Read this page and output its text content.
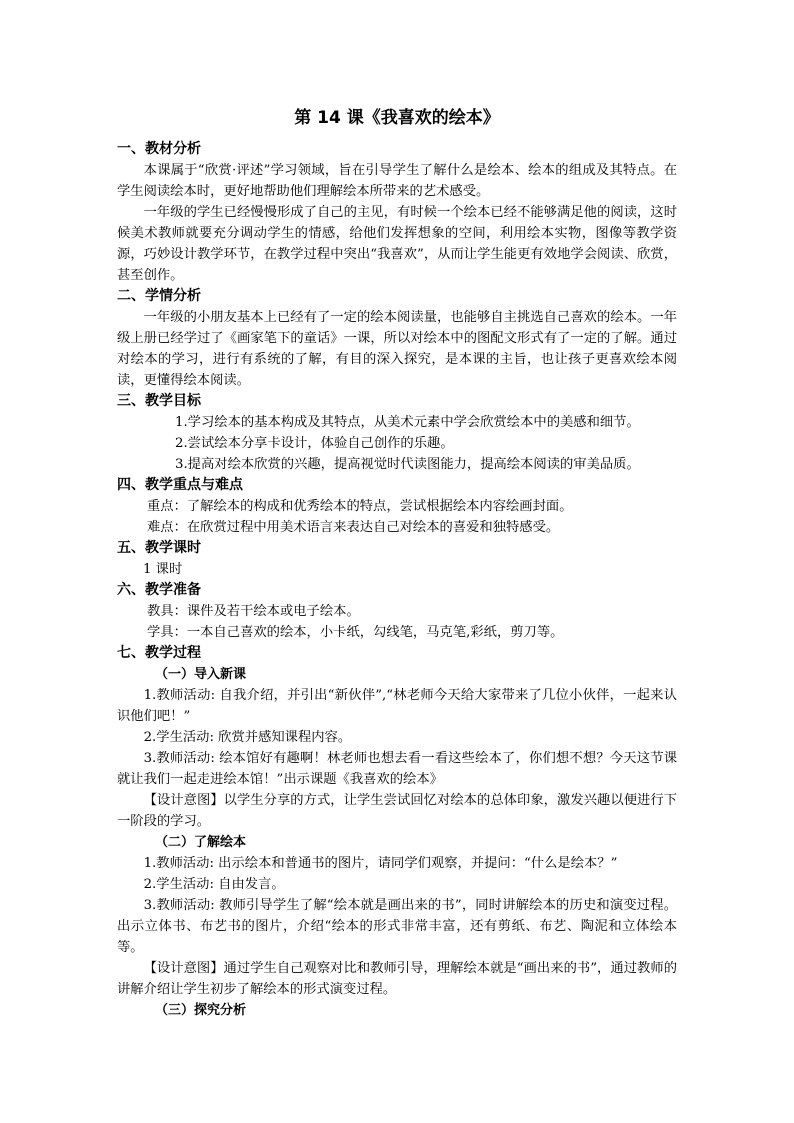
第 14 课《我喜欢的绘本》
一、教材分析
本课属于“欣赏·评述”学习领域，旨在引导学生了解什么是绘本、绘本的组成及其特点。在学生阅读绘本时，更好地帮助他们理解绘本所带来的艺术感受。
一年级的学生已经慢慢形成了自己的主见，有时候一个绘本已经不能够满足他的阅读，这时候美术教师就要充分调动学生的情感，给他们发挥想象的空间，利用绘本实物，图像等教学资源，巧妙设计教学环节，在教学过程中突出“我喜欢”，从而让学生能更有效地学会阅读、欣赏，甚至创作。
二、学情分析
一年级的小朋友基本上已经有了一定的绘本阅读量，也能够自主挑选自己喜欢的绘本。一年级上册已经学过了《画家笔下的童话》一课，所以对绘本中的图配文形式有了一定的了解。通过对绘本的学习，进行有系统的了解，有目的深入探究，是本课的主旨，也让孩子更喜欢绘本阅读，更懂得绘本阅读。
三、教学目标
1.学习绘本的基本构成及其特点，从美术元素中学会欣赏绘本中的美感和细节。
2.尝试绘本分享卡设计，体验自己创作的乐趣。
3.提高对绘本欣赏的兴趣，提高视觉时代读图能力，提高绘本阅读的审美品质。
四、教学重点与难点
重点：了解绘本的构成和优秀绘本的特点，尝试根据绘本内容绘画封面。
难点：在欣赏过程中用美术语言来表达自己对绘本的喜爱和独特感受。
五、教学课时
1 课时
六、教学准备
教具：课件及若干绘本或电子绘本。
学具：一本自己喜欢的绘本，小卡纸，勾线笔，马克笔,彩纸，剪刀等。
七、教学过程
（一）导入新课
1.教师活动: 自我介绍，并引出“新伙伴”,“林老师今天给大家带来了几位小伙伴，一起来认识他们吧！”
2.学生活动: 欣赏并感知课程内容。
3.教师活动: 绘本馆好有趣啊！林老师也想去看一看这些绘本了，你们想不想？今天这节课就让我们一起走进绘本馆！”出示课题《我喜欢的绘本》
【设计意图】以学生分享的方式，让学生尝试回忆对绘本的总体印象，激发兴趣以便进行下一阶段的学习。
（二）了解绘本
1.教师活动: 出示绘本和普通书的图片，请同学们观察，并提问：“什么是绘本？”
2.学生活动: 自由发言。
3.教师活动: 教师引导学生了解“绘本就是画出来的书”，同时讲解绘本的历史和演变过程。出示立体书、布艺书的图片，介绍“绘本的形式非常丰富，还有剪纸、布艺、陶泥和立体绘本等。
【设计意图】通过学生自己观察对比和教师引导，理解绘本就是“画出来的书”，通过教师的讲解介绍让学生初步了解绘本的形式演变过程。
（三）探究分析
